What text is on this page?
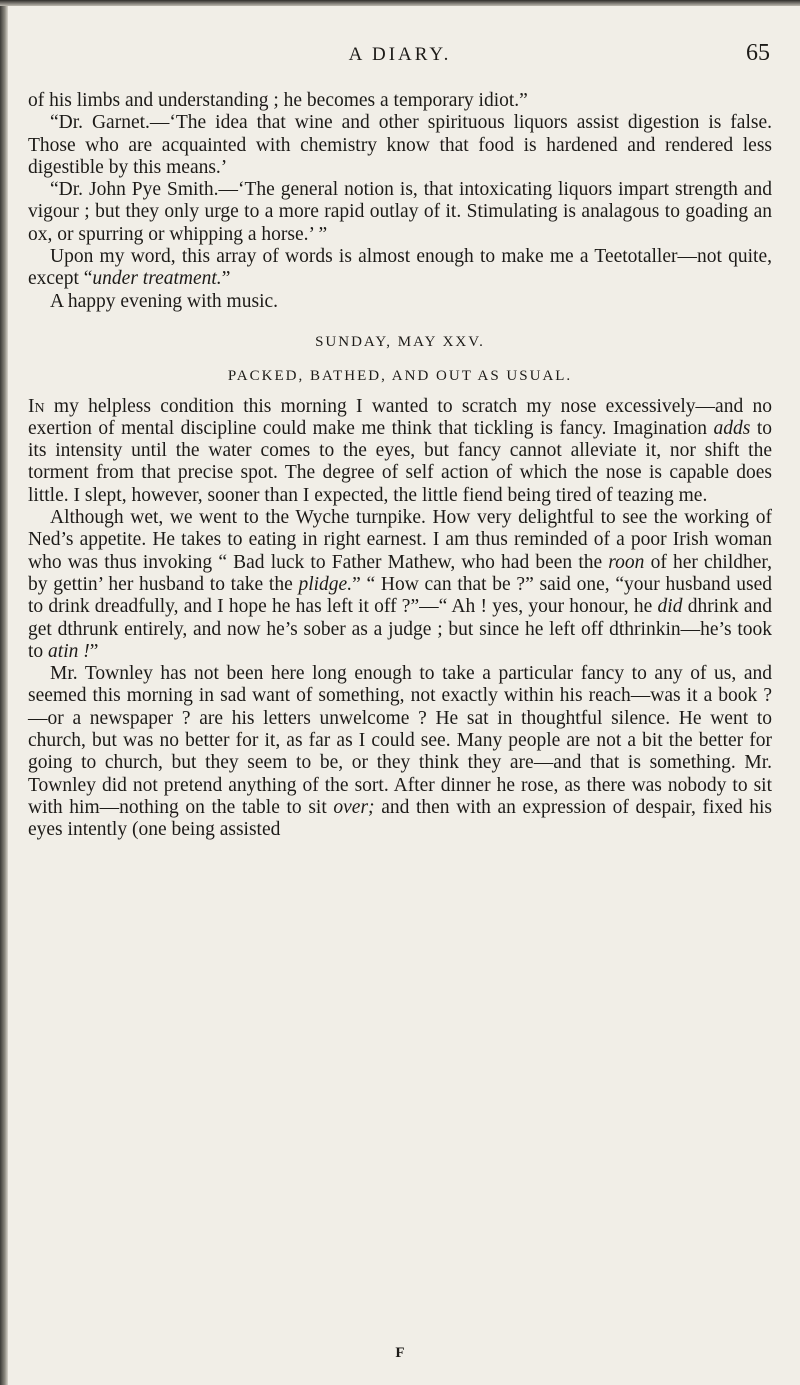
A DIARY.	65

of his limbs and understanding ; he becomes a temporary idiot.”

“Dr. Garnet.—‘The idea that wine and other spirituous liquors assist digestion is false. Those who are acquainted with chemistry know that food is hardened and rendered less digestible by this means.’

“Dr. John Pye Smith.—‘The general notion is, that intoxicating liquors impart strength and vigour ; but they only urge to a more rapid outlay of it. Stimulating is analagous to goading an ox, or spurring or whipping a horse.’ ”

Upon my word, this array of words is almost enough to make me a Teetotaller—not quite, except “under treatment.”

A happy evening with music.

SUNDAY, MAY XXV.
PACKED, BATHED, AND OUT AS USUAL.

In my helpless condition this morning I wanted to scratch my nose excessively—and no exertion of mental discipline could make me think that tickling is fancy. Imagination adds to its intensity until the water comes to the eyes, but fancy cannot alleviate it, nor shift the torment from that precise spot. The degree of self action of which the nose is capable does little. I slept, however, sooner than I expected, the little fiend being tired of teazing me.

Although wet, we went to the Wyche turnpike. How very delightful to see the working of Ned’s appetite. He takes to eating in right earnest. I am thus reminded of a poor Irish woman who was thus invoking “ Bad luck to Father Mathew, who had been the roon of her childher, by gettin’ her husband to take the plidge.” “ How can that be ?” said one, “your husband used to drink dreadfully, and I hope he has left it off ?”—“ Ah ! yes, your honour, he did dhrink and get dthrunk entirely, and now he’s sober as a judge ; but since he left off dthrinkin—he’s took to atin !”

Mr. Townley has not been here long enough to take a particular fancy to any of us, and seemed this morning in sad want of something, not exactly within his reach—was it a book ?—or a newspaper ? are his letters unwelcome ? He sat in thoughtful silence. He went to church, but was no better for it, as far as I could see. Many people are not a bit the better for going to church, but they seem to be, or they think they are—and that is something. Mr. Townley did not pretend anything of the sort. After dinner he rose, as there was nobody to sit with him—nothing on the table to sit over; and then with an expression of despair, fixed his eyes intently (one being assisted

F
